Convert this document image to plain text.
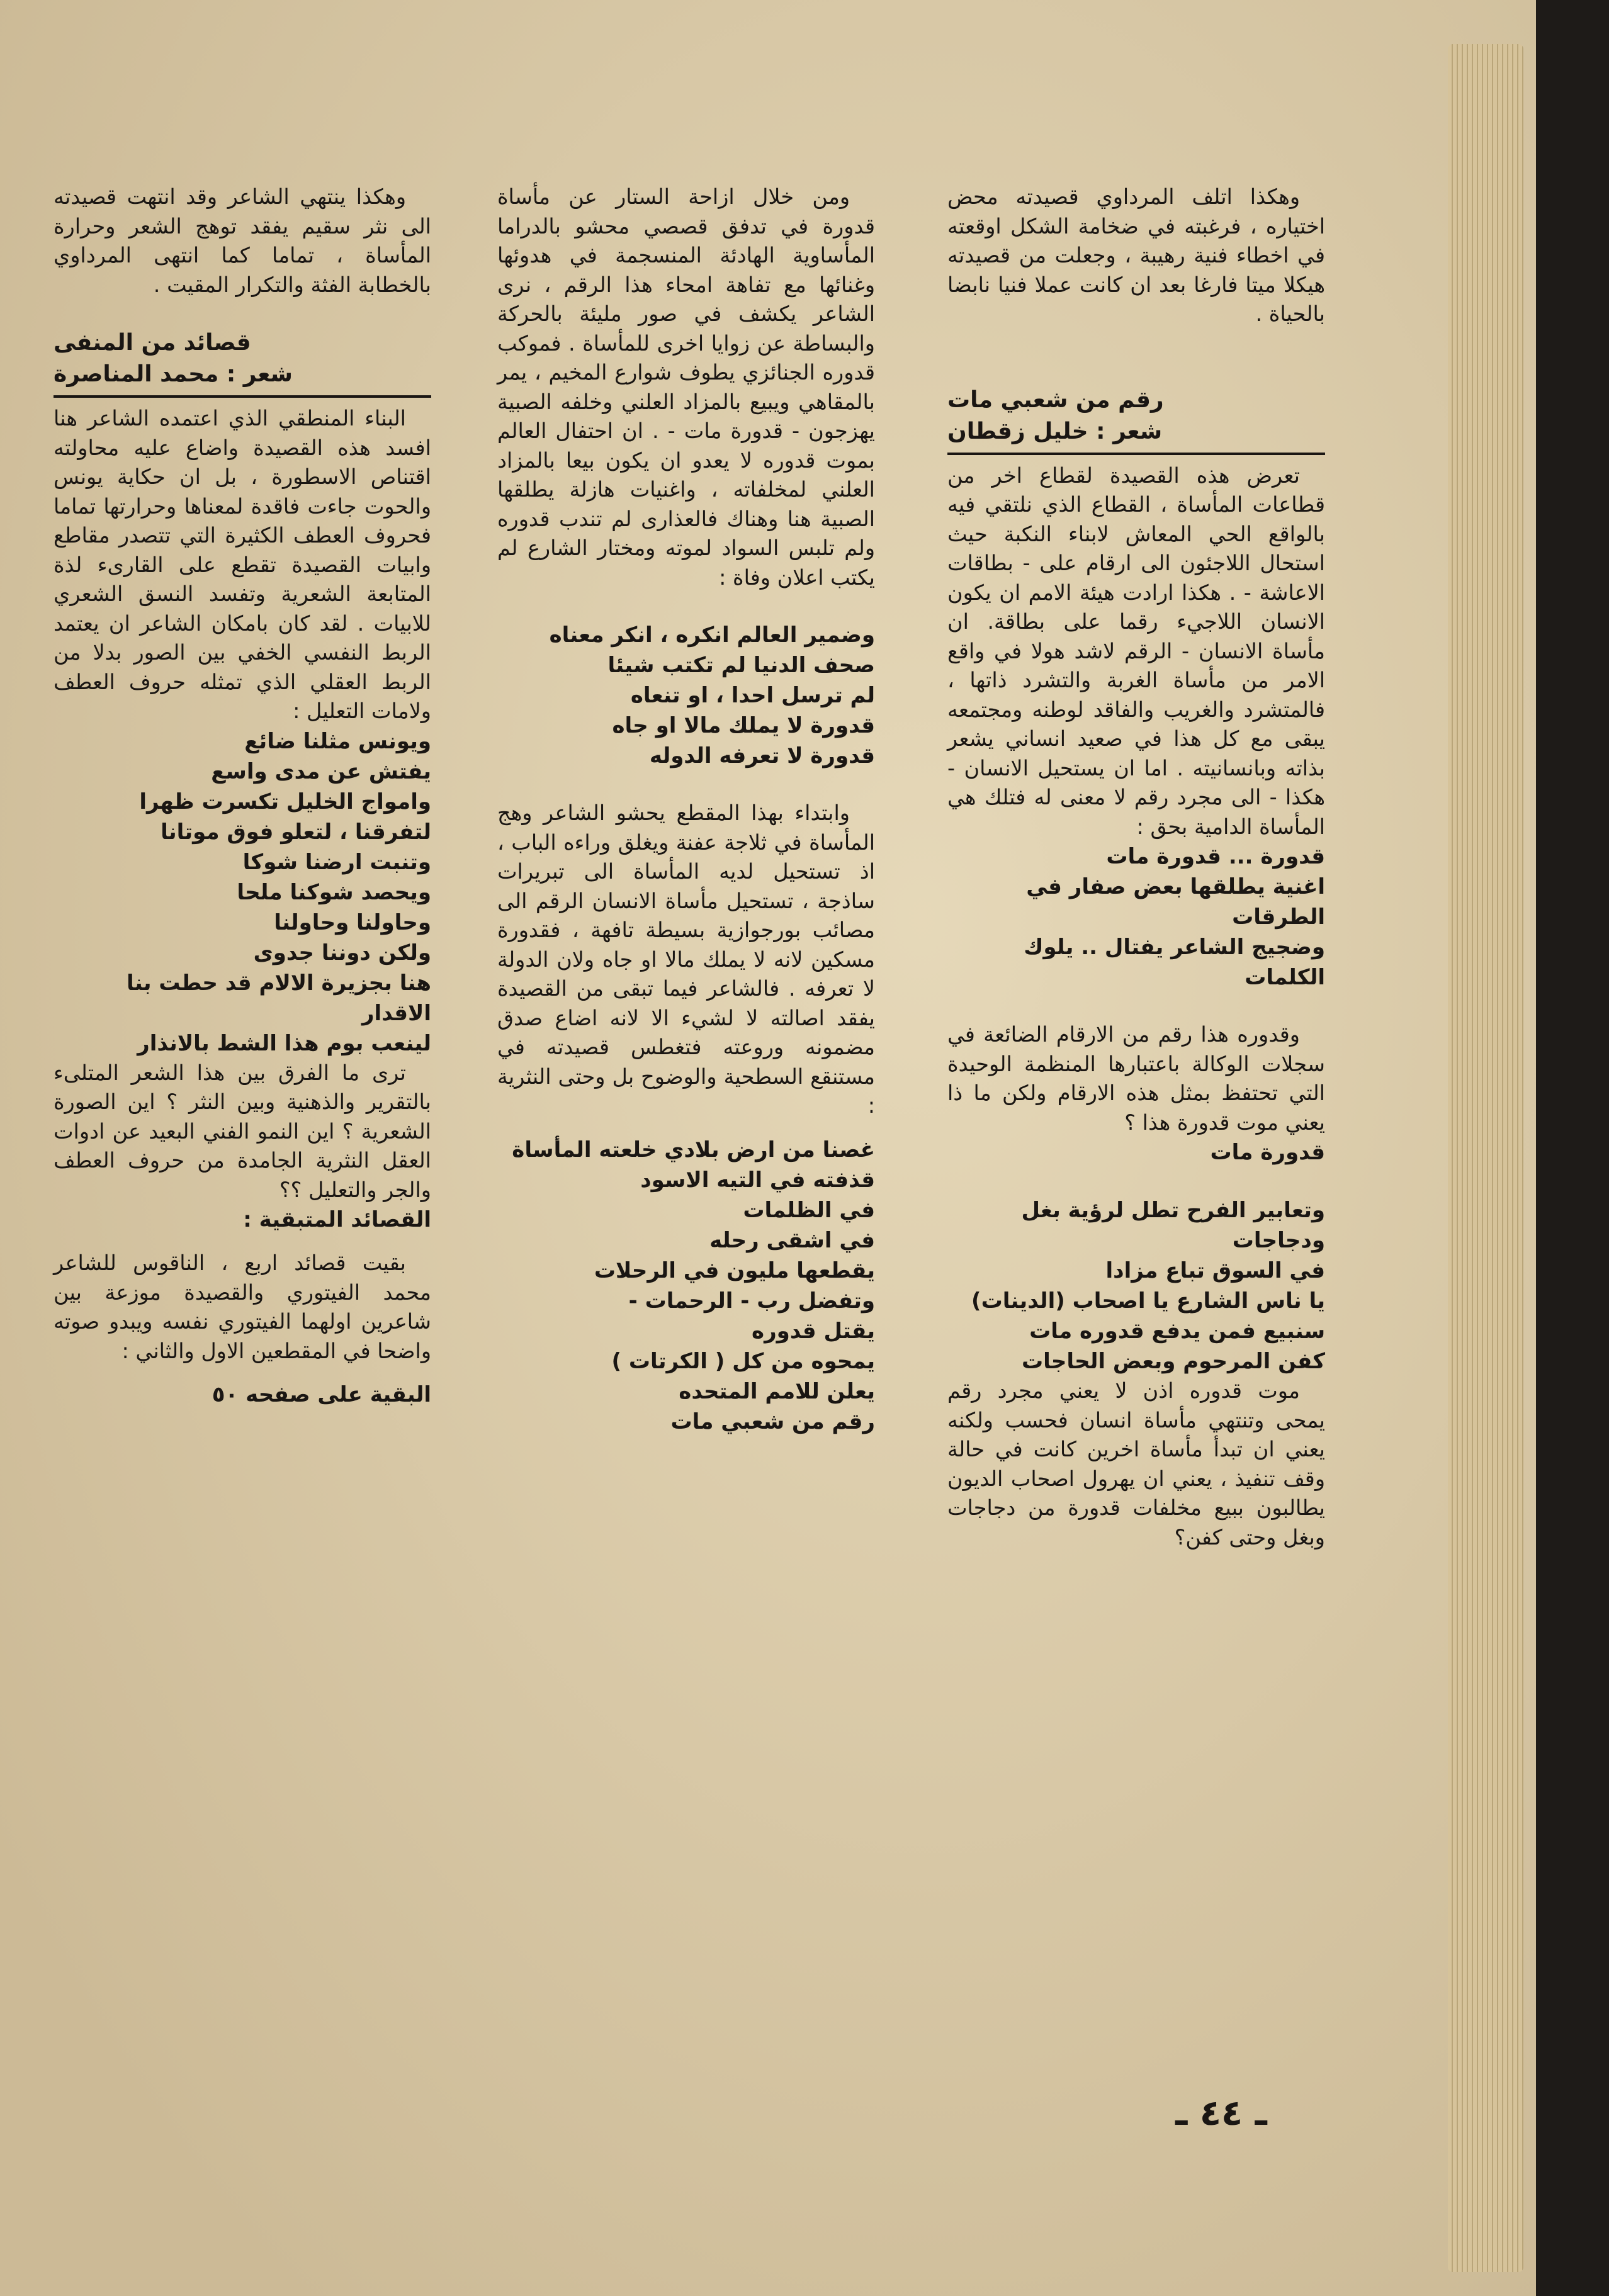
وهكذا اتلف المرداوي قصيدته محض اختياره ، فرغبته في ضخامة الشكل اوقعته في اخطاء فنية رهيبة ، وجعلت من قصيدته هيكلا ميتا فارغا بعد ان كانت عملا فنيا نابضا بالحياة .

رقم من شعبي مات

شعر : خليل زقطان

تعرض هذه القصيدة لقطاع اخر من قطاعات المأساة ، القطاع الذي نلتقي فيه بالواقع الحي المعاش لابناء النكبة حيث استحال اللاجئون الى ارقام على - بطاقات الاعاشة - . هكذا ارادت هيئة الامم ان يكون الانسان اللاجيء رقما على بطاقة. ان مأساة الانسان - الرقم لاشد هولا في واقع الامر من مأساة الغربة والتشرد ذاتها ، فالمتشرد والغريب والفاقد لوطنه ومجتمعه يبقى مع كل هذا في صعيد انساني يشعر بذاته وبانسانيته . اما ان يستحيل الانسان - هكذا - الى مجرد رقم لا معنى له فتلك هي المأساة الدامية بحق :

قدورة ... قدورة مات

اغنية يطلقها بعض صفار في الطرقات

وضجيج الشاعر يفتال .. يلوك الكلمات

وقدوره هذا رقم من الارقام الضائعة في سجلات الوكالة باعتبارها المنظمة الوحيدة التي تحتفظ بمثل هذه الارقام ولكن ما ذا يعني موت قدورة هذا ؟

قدورة مات

وتعابير الفرح تطل لرؤية بغل ودجاجات

في السوق تباع مزادا

يا ناس الشارع يا اصحاب (الدينات)

سنبيع فمن يدفع قدوره مات

كفن المرحوم وبعض الحاجات

موت قدوره اذن لا يعني مجرد رقم يمحى وتنتهي مأساة انسان فحسب ولكنه يعني ان تبدأ مأساة اخرين كانت في حالة وقف تنفيذ ، يعني ان يهرول اصحاب الديون يطالبون ببيع مخلفات قدورة من دجاجات وبغل وحتى كفن؟

ومن خلال ازاحة الستار عن مأساة قدورة في تدفق قصصي محشو بالدراما المأساوية الهادئة المنسجمة في هدوئها وغنائها مع تفاهة امحاء هذا الرقم ، نرى الشاعر يكشف في صور مليئة بالحركة والبساطة عن زوايا اخرى للمأساة . فموكب قدوره الجنائزي يطوف شوارع المخيم ، يمر بالمقاهي ويبيع بالمزاد العلني وخلفه الصبية يهزجون - قدورة مات - . ان احتفال العالم بموت قدوره لا يعدو ان يكون بيعا بالمزاد العلني لمخلفاته ، واغنيات هازلة يطلقها الصبية هنا وهناك فالعذارى لم تندب قدوره ولم تلبس السواد لموته ومختار الشارع لم يكتب اعلان وفاة :

وضمير العالم انكره ، انكر معناه

صحف الدنيا لم تكتب شيئا

لم ترسل احدا ، او تنعاه

قدورة لا يملك مالا او جاه

قدورة لا تعرفه الدوله

وابتداء بهذا المقطع يحشو الشاعر وهج المأساة في ثلاجة عفنة ويغلق وراءه الباب ، اذ تستحيل لديه المأساة الى تبريرات ساذجة ، تستحيل مأساة الانسان الرقم الى مصائب بورجوازية بسيطة تافهة ، فقدورة مسكين لانه لا يملك مالا او جاه ولان الدولة لا تعرفه . فالشاعر فيما تبقى من القصيدة يفقد اصالته لا لشيء الا لانه اضاع صدق مضمونه وروعته فتغطس قصيدته في مستنقع السطحية والوضوح بل وحتى النثرية :

غصنا من ارض بلادي خلعته المأساة

قذفته في التيه الاسود

في الظلمات

في اشقى رحله

يقطعها مليون في الرحلات

وتفضل رب - الرحمات -

يقتل قدوره

يمحوه من كل ( الكرتات )

يعلن للامم المتحده

رقم من شعبي مات

وهكذا ينتهي الشاعر وقد انتهت قصيدته الى نثر سقيم يفقد توهج الشعر وحرارة المأساة ، تماما كما انتهى المرداوي بالخطابة الفثة والتكرار المقيت .

قصائد من المنفى

شعر : محمد المناصرة

البناء المنطقي الذي اعتمده الشاعر هنا افسد هذه القصيدة واضاع عليه محاولته اقتناص الاسطورة ، بل ان حكاية يونس والحوت جاءت فاقدة لمعناها وحرارتها تماما فحروف العطف الكثيرة التي تتصدر مقاطع وابيات القصيدة تقطع على القارىء لذة المتابعة الشعرية وتفسد النسق الشعري للابيات . لقد كان بامكان الشاعر ان يعتمد الربط النفسي الخفي بين الصور بدلا من الربط العقلي الذي تمثله حروف العطف ولامات التعليل :

ويونس مثلنا ضائع

يفتش عن مدى واسع

وامواج الخليل تكسرت ظهرا

لتفرقنا ، لتعلو فوق موتانا

وتنبت ارضنا شوكا

ويحصد شوكنا ملحا

وحاولنا وحاولنا

ولكن دوننا جدوى

هنا بجزيرة الالام قد حطت بنا الاقدار

لينعب بوم هذا الشط بالانذار

ترى ما الفرق بين هذا الشعر المتلىء بالتقرير والذهنية وبين النثر ؟ اين الصورة الشعرية ؟ اين النمو الفني البعيد عن ادوات العقل النثرية الجامدة من حروف العطف والجر والتعليل ؟؟

القصائد المتبقية :

بقيت قصائد اربع ، الناقوس للشاعر محمد الفيتوري والقصيدة موزعة بين شاعرين اولهما الفيتوري نفسه ويبدو صوته واضحا في المقطعين الاول والثاني :

البقية على صفحه ٥٠

ـ ٤٤ ـ
